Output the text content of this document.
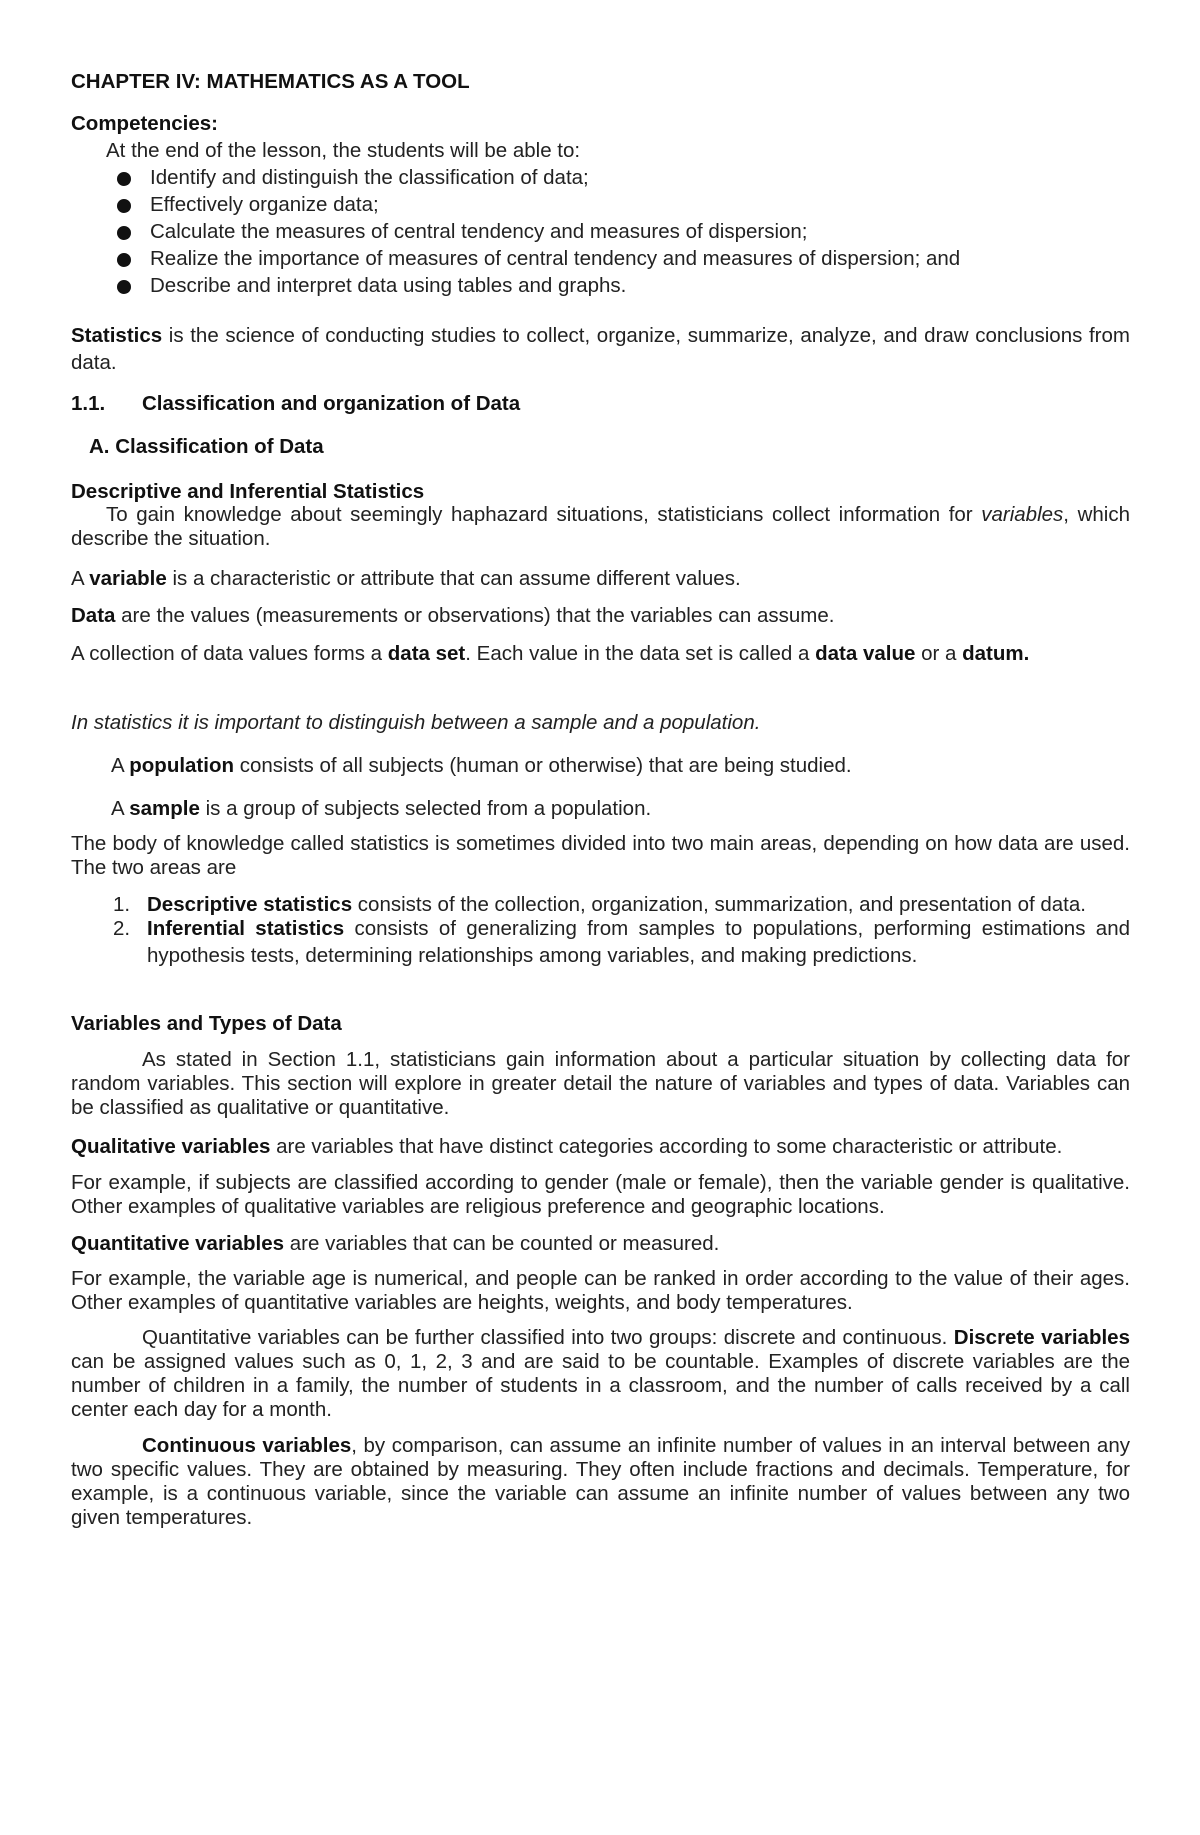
CHAPTER IV: MATHEMATICS AS A TOOL

Competencies:

At the end of the lesson, the students will be able to:

Identify and distinguish the classification of data;
Effectively organize data;
Calculate the measures of central tendency and measures of dispersion;
Realize the importance of measures of central tendency and measures of dispersion; and
Describe and interpret data using tables and graphs.

Statistics is the science of conducting studies to collect, organize, summarize, analyze, and draw conclusions from data.

1.1. Classification and organization of Data

A. Classification of Data

Descriptive and Inferential Statistics

To gain knowledge about seemingly haphazard situations, statisticians collect information for variables, which describe the situation.

A variable is a characteristic or attribute that can assume different values.

Data are the values (measurements or observations) that the variables can assume.

A collection of data values forms a data set. Each value in the data set is called a data value or a datum.

In statistics it is important to distinguish between a sample and a population.

A population consists of all subjects (human or otherwise) that are being studied.

A sample is a group of subjects selected from a population.

The body of knowledge called statistics is sometimes divided into two main areas, depending on how data are used. The two areas are

1. Descriptive statistics consists of the collection, organization, summarization, and presentation of data.
2. Inferential statistics consists of generalizing from samples to populations, performing estimations and hypothesis tests, determining relationships among variables, and making predictions.

Variables and Types of Data

As stated in Section 1.1, statisticians gain information about a particular situation by collecting data for random variables. This section will explore in greater detail the nature of variables and types of data. Variables can be classified as qualitative or quantitative.

Qualitative variables are variables that have distinct categories according to some characteristic or attribute.

For example, if subjects are classified according to gender (male or female), then the variable gender is qualitative. Other examples of qualitative variables are religious preference and geographic locations.

Quantitative variables are variables that can be counted or measured.

For example, the variable age is numerical, and people can be ranked in order according to the value of their ages. Other examples of quantitative variables are heights, weights, and body temperatures.

Quantitative variables can be further classified into two groups: discrete and continuous. Discrete variables can be assigned values such as 0, 1, 2, 3 and are said to be countable. Examples of discrete variables are the number of children in a family, the number of students in a classroom, and the number of calls received by a call center each day for a month.

Continuous variables, by comparison, can assume an infinite number of values in an interval between any two specific values. They are obtained by measuring. They often include fractions and decimals. Temperature, for example, is a continuous variable, since the variable can assume an infinite number of values between any two given temperatures.
